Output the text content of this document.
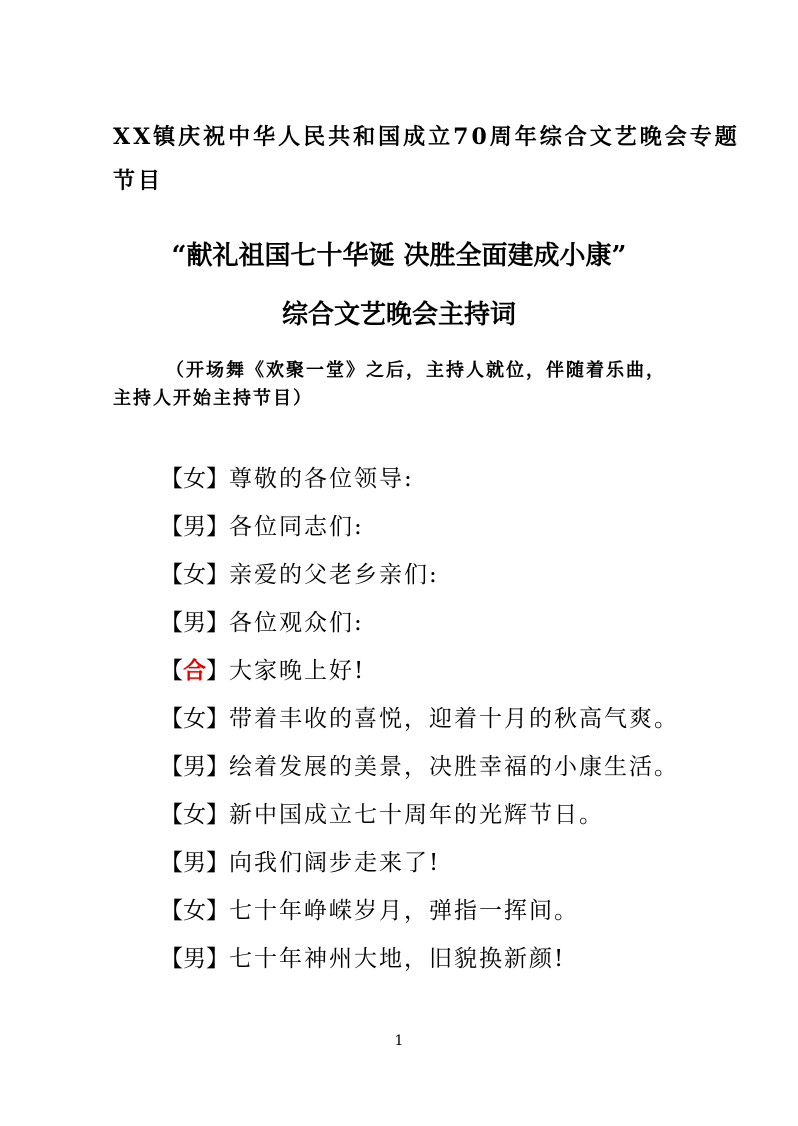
XX镇庆祝中华人民共和国成立70周年综合文艺晚会专题
节目
“献礼祖国七十华诞 决胜全面建成小康”
综合文艺晚会主持词
（开场舞《欢聚一堂》之后，主持人就位，伴随着乐曲，
主持人开始主持节目）
【女】尊敬的各位领导:
【男】各位同志们:
【女】亲爱的父老乡亲们:
【男】各位观众们:
【合】大家晚上好!
【女】带着丰收的喜悦，迎着十月的秋高气爽。
【男】绘着发展的美景，决胜幸福的小康生活。
【女】新中国成立七十周年的光辉节日。
【男】向我们阔步走来了!
【女】七十年峥嵘岁月，弹指一挥间。
【男】七十年神州大地，旧貌换新颜!
1
